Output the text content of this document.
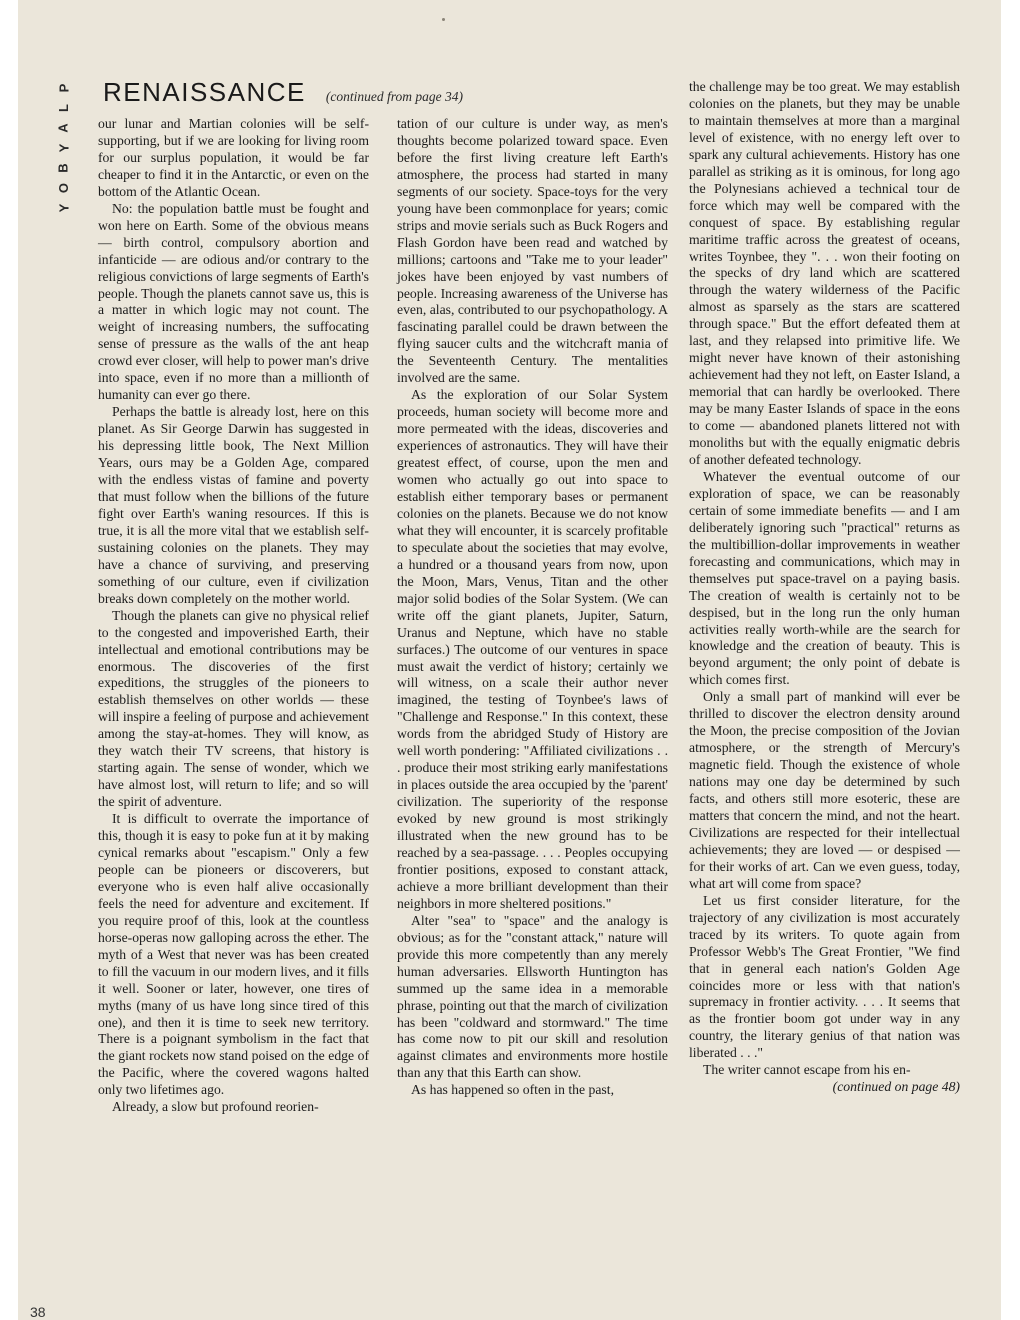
P
L
A
Y
B
O
Y
RENAISSANCE (continued from page 34)

our lunar and Martian colonies will be self-supporting, but if we are looking for living room for our surplus population, it would be far cheaper to find it in the Antarctic, or even on the bottom of the Atlantic Ocean.

No: the population battle must be fought and won here on Earth. Some of the obvious means — birth control, compulsory abortion and infanticide — are odious and/or contrary to the religious convictions of large segments of Earth's people. Though the planets cannot save us, this is a matter in which logic may not count. The weight of increasing numbers, the suffocating sense of pressure as the walls of the ant heap crowd ever closer, will help to power man's drive into space, even if no more than a millionth of humanity can ever go there.

Perhaps the battle is already lost, here on this planet. As Sir George Darwin has suggested in his depressing little book, The Next Million Years, ours may be a Golden Age, compared with the endless vistas of famine and poverty that must follow when the billions of the future fight over Earth's waning resources. If this is true, it is all the more vital that we establish self-sustaining colonies on the planets. They may have a chance of surviving, and preserving something of our culture, even if civilization breaks down completely on the mother world.

Though the planets can give no physical relief to the congested and impoverished Earth, their intellectual and emotional contributions may be enormous. The discoveries of the first expeditions, the struggles of the pioneers to establish themselves on other worlds — these will inspire a feeling of purpose and achievement among the stay-at-homes. They will know, as they watch their TV screens, that history is starting again. The sense of wonder, which we have almost lost, will return to life; and so will the spirit of adventure.

It is difficult to overrate the importance of this, though it is easy to poke fun at it by making cynical remarks about "escapism." Only a few people can be pioneers or discoverers, but everyone who is even half alive occasionally feels the need for adventure and excitement. If you require proof of this, look at the countless horse-operas now galloping across the ether. The myth of a West that never was has been created to fill the vacuum in our modern lives, and it fills it well. Sooner or later, however, one tires of myths (many of us have long since tired of this one), and then it is time to seek new territory. There is a poignant symbolism in the fact that the giant rockets now stand poised on the edge of the Pacific, where the covered wagons halted only two lifetimes ago.

Already, a slow but profound reorien-

tation of our culture is under way, as men's thoughts become polarized toward space. Even before the first living creature left Earth's atmosphere, the process had started in many segments of our society. Space-toys for the very young have been commonplace for years; comic strips and movie serials such as Buck Rogers and Flash Gordon have been read and watched by millions; cartoons and "Take me to your leader" jokes have been enjoyed by vast numbers of people. Increasing awareness of the Universe has even, alas, contributed to our psychopathology. A fascinating parallel could be drawn between the flying saucer cults and the witchcraft mania of the Seventeenth Century. The mentalities involved are the same.

As the exploration of our Solar System proceeds, human society will become more and more permeated with the ideas, discoveries and experiences of astronautics. They will have their greatest effect, of course, upon the men and women who actually go out into space to establish either temporary bases or permanent colonies on the planets. Because we do not know what they will encounter, it is scarcely profitable to speculate about the societies that may evolve, a hundred or a thousand years from now, upon the Moon, Mars, Venus, Titan and the other major solid bodies of the Solar System. (We can write off the giant planets, Jupiter, Saturn, Uranus and Neptune, which have no stable surfaces.) The outcome of our ventures in space must await the verdict of history; certainly we will witness, on a scale their author never imagined, the testing of Toynbee's laws of "Challenge and Response." In this context, these words from the abridged Study of History are well worth pondering: "Affiliated civilizations . . . produce their most striking early manifestations in places outside the area occupied by the 'parent' civilization. The superiority of the response evoked by new ground is most strikingly illustrated when the new ground has to be reached by a sea-passage. . . . Peoples occupying frontier positions, exposed to constant attack, achieve a more brilliant development than their neighbors in more sheltered positions."

Alter "sea" to "space" and the analogy is obvious; as for the "constant attack," nature will provide this more competently than any merely human adversaries. Ellsworth Huntington has summed up the same idea in a memorable phrase, pointing out that the march of civilization has been "coldward and stormward." The time has come now to pit our skill and resolution against climates and environments more hostile than any that this Earth can show.

As has happened so often in the past,

the challenge may be too great. We may establish colonies on the planets, but they may be unable to maintain themselves at more than a marginal level of existence, with no energy left over to spark any cultural achievements. History has one parallel as striking as it is ominous, for long ago the Polynesians achieved a technical tour de force which may well be compared with the conquest of space. By establishing regular maritime traffic across the greatest of oceans, writes Toynbee, they ". . . won their footing on the specks of dry land which are scattered through the watery wilderness of the Pacific almost as sparsely as the stars are scattered through space." But the effort defeated them at last, and they relapsed into primitive life. We might never have known of their astonishing achievement had they not left, on Easter Island, a memorial that can hardly be overlooked. There may be many Easter Islands of space in the eons to come — abandoned planets littered not with monoliths but with the equally enigmatic debris of another defeated technology.

Whatever the eventual outcome of our exploration of space, we can be reasonably certain of some immediate benefits — and I am deliberately ignoring such "practical" returns as the multibillion-dollar improvements in weather forecasting and communications, which may in themselves put space-travel on a paying basis. The creation of wealth is certainly not to be despised, but in the long run the only human activities really worth-while are the search for knowledge and the creation of beauty. This is beyond argument; the only point of debate is which comes first.

Only a small part of mankind will ever be thrilled to discover the electron density around the Moon, the precise composition of the Jovian atmosphere, or the strength of Mercury's magnetic field. Though the existence of whole nations may one day be determined by such facts, and others still more esoteric, these are matters that concern the mind, and not the heart. Civilizations are respected for their intellectual achievements; they are loved — or despised — for their works of art. Can we even guess, today, what art will come from space?

Let us first consider literature, for the trajectory of any civilization is most accurately traced by its writers. To quote again from Professor Webb's The Great Frontier, "We find that in general each nation's Golden Age coincides more or less with that nation's supremacy in frontier activity. . . . It seems that as the frontier boom got under way in any country, the literary genius of that nation was liberated . . ."

The writer cannot escape from his en-

(continued on page 48)

38
